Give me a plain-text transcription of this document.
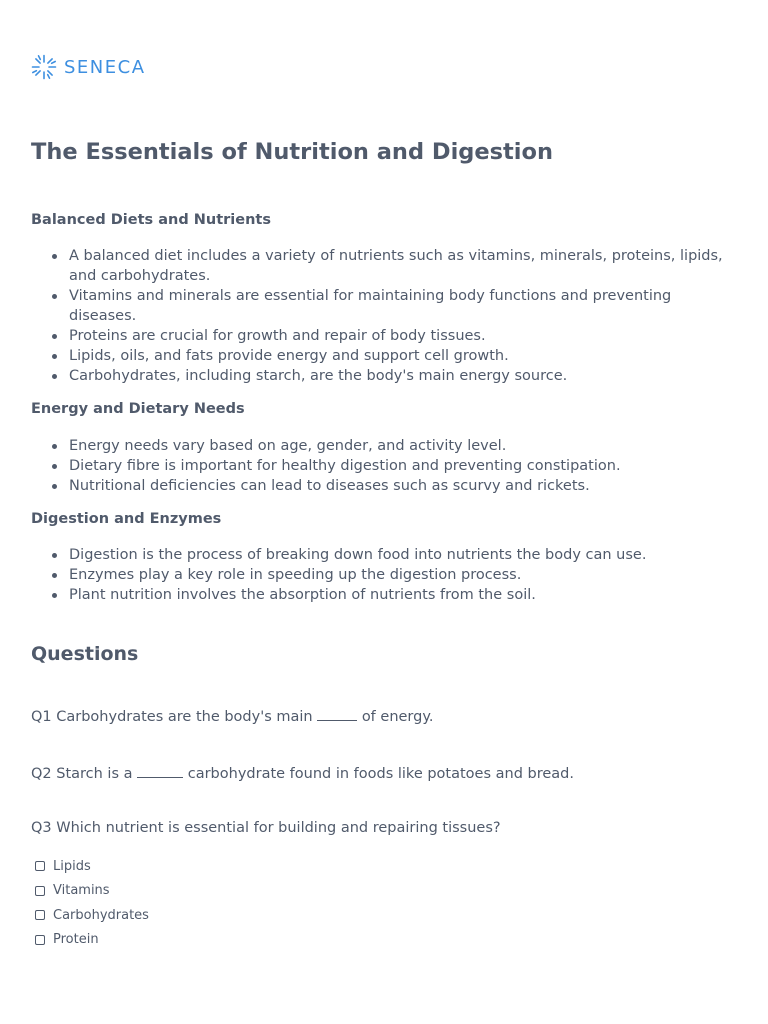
SENECA
The Essentials of Nutrition and Digestion
Balanced Diets and Nutrients
A balanced diet includes a variety of nutrients such as vitamins, minerals, proteins, lipids, and carbohydrates.
Vitamins and minerals are essential for maintaining body functions and preventing diseases.
Proteins are crucial for growth and repair of body tissues.
Lipids, oils, and fats provide energy and support cell growth.
Carbohydrates, including starch, are the body's main energy source.
Energy and Dietary Needs
Energy needs vary based on age, gender, and activity level.
Dietary fibre is important for healthy digestion and preventing constipation.
Nutritional deficiencies can lead to diseases such as scurvy and rickets.
Digestion and Enzymes
Digestion is the process of breaking down food into nutrients the body can use.
Enzymes play a key role in speeding up the digestion process.
Plant nutrition involves the absorption of nutrients from the soil.
Questions
Q1 Carbohydrates are the body's main	of energy.
Q2 Starch is a	carbohydrate found in foods like potatoes and bread.
Q3 Which nutrient is essential for building and repairing tissues?
Lipids
Vitamins
Carbohydrates
Protein
